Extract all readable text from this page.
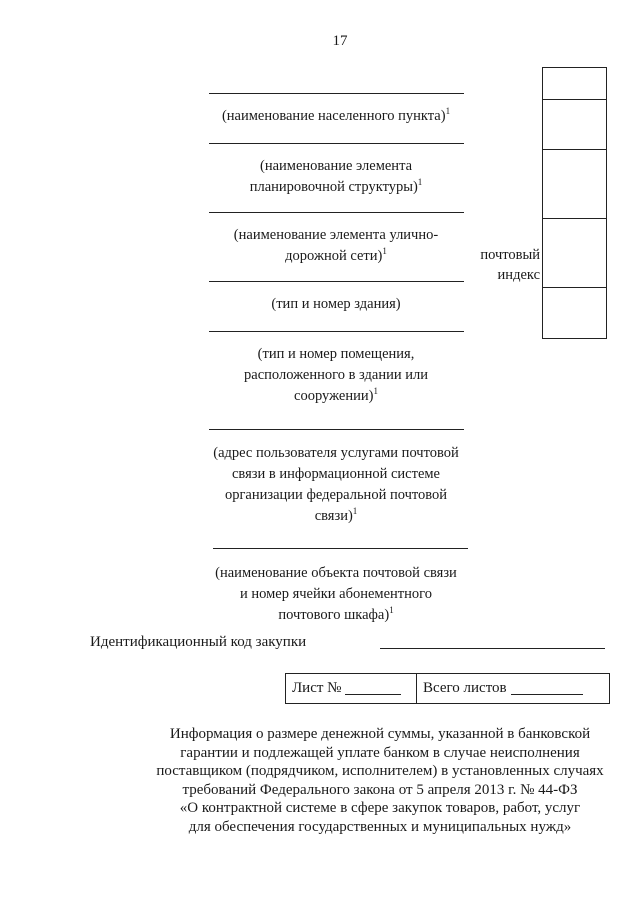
17
(наименование населенного пункта)$^1$
(наименование элемента
планировочной структуры)$^1$
(наименование элемента улично-
дорожной сети)$^1$
(тип и номер здания)
(тип и номер помещения,
расположенного в здании или
сооружении)$^1$
(адрес пользователя услугами почтовой
связи в информационной системе
организации федеральной почтовой
связи)$^1$
(наименование объекта почтовой связи
и номер ячейки абонементного
почтового шкафа)$^1$
почтовый
индекс
Идентификационный код закупки
Лист №	Всего листов
Информация о размере денежной суммы, указанной в банковской
гарантии и подлежащей уплате банком в случае неисполнения
поставщиком (подрядчиком, исполнителем) в установленных случаях
требований Федерального закона от 5 апреля 2013 г. № 44-ФЗ
«О контрактной системе в сфере закупок товаров, работ, услуг
для обеспечения государственных и муниципальных нужд»
